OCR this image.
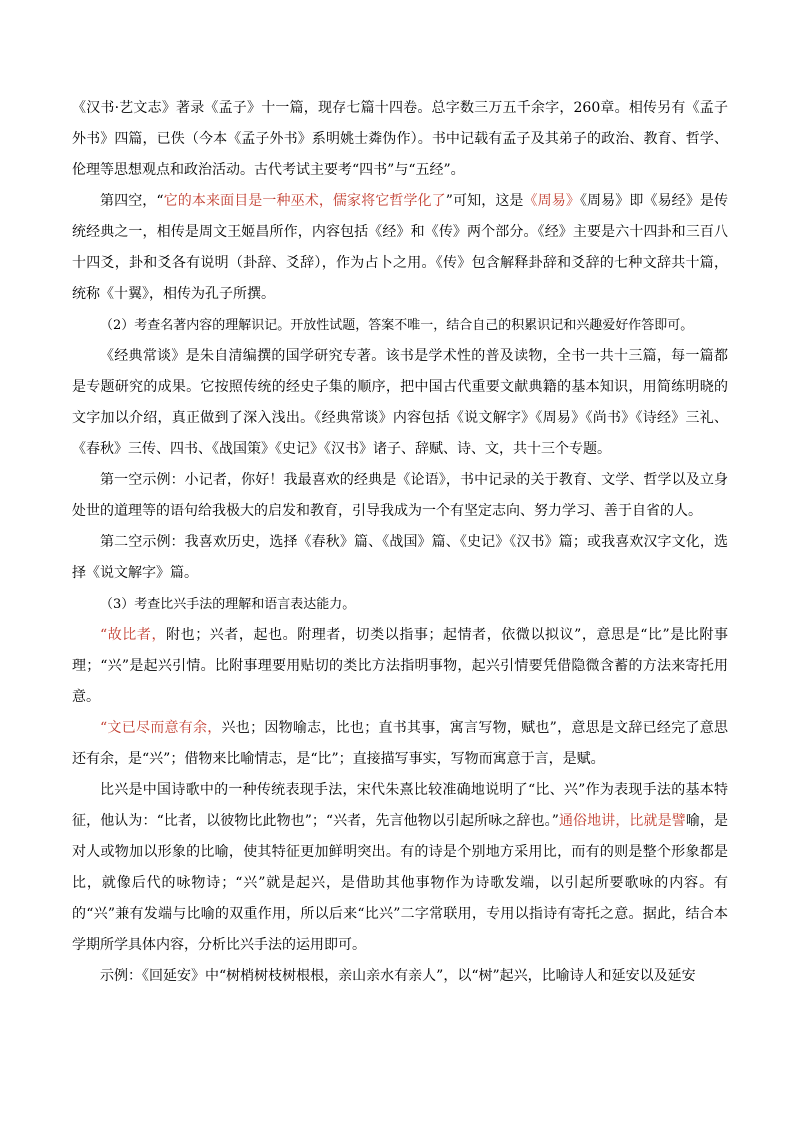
《汉书·艺文志》著录《孟子》十一篇，现存七篇十四卷。总字数三万五千余字，260章。相传另有《孟子外书》四篇，已佚（今本《孟子外书》系明姚士粦伪作）。书中记载有孟子及其弟子的政治、教育、哲学、伦理等思想观点和政治活动。古代考试主要考“四书”与“五经”。

第四空，“它的本来面目是一种巫术，儒家将它哲学化了”可知，这是《周易》《周易》即《易经》是传统经典之一，相传是周文王姬昌所作，内容包括《经》和《传》两个部分。《经》主要是六十四卦和三百八十四爻，卦和爻各有说明（卦辞、爻辞），作为占卜之用。《传》包含解释卦辞和爻辞的七种文辞共十篇，统称《十翼》，相传为孔子所撰。

（2）考查名著内容的理解识记。开放性试题，答案不唯一，结合自己的积累识记和兴趣爱好作答即可。

《经典常谈》是朱自清编撰的国学研究专著。该书是学术性的普及读物，全书一共十三篇，每一篇都是专题研究的成果。它按照传统的经史子集的顺序，把中国古代重要文献典籍的基本知识，用简练明晓的文字加以介绍，真正做到了深入浅出。《经典常谈》内容包括《说文解字》《周易》《尚书》《诗经》三礼、《春秋》三传、四书、《战国策》《史记》《汉书》诸子、辞赋、诗、文，共十三个专题。

第一空示例：小记者，你好！我最喜欢的经典是《论语》，书中记录的关于教育、文学、哲学以及立身处世的道理等的语句给我极大的启发和教育，引导我成为一个有坚定志向、努力学习、善于自省的人。

第二空示例：我喜欢历史，选择《春秋》篇、《战国》篇、《史记》《汉书》篇；或我喜欢汉字文化，选择《说文解字》篇。

（3）考查比兴手法的理解和语言表达能力。

“故比者，附也；兴者，起也。附理者，切类以指事；起情者，依微以拟议”，意思是“比”是比附事理；“兴”是起兴引情。比附事理要用贴切的类比方法指明事物，起兴引情要凭借隐微含蓄的方法来寄托用意。

“文已尽而意有余，兴也；因物喻志，比也；直书其事，寓言写物，赋也”，意思是文辞已经完了意思还有余，是“兴”；借物来比喻情志，是“比”；直接描写事实，写物而寓意于言，是赋。

比兴是中国诗歌中的一种传统表现手法，宋代朱熹比较准确地说明了“比、兴”作为表现手法的基本特征，他认为：“比者，以彼物比此物也”；“兴者，先言他物以引起所咏之辞也。”通俗地讲，比就是譬喻，是对人或物加以形象的比喻，使其特征更加鲜明突出。有的诗是个别地方采用比，而有的则是整个形象都是比，就像后代的咏物诗；“兴”就是起兴，是借助其他事物作为诗歌发端，以引起所要歌咏的内容。有的“兴”兼有发端与比喻的双重作用，所以后来“比兴”二字常联用，专用以指诗有寄托之意。据此，结合本学期所学具体内容，分析比兴手法的运用即可。

示例：《回延安》中“树梢树枝树根根，亲山亲水有亲人”，以“树”起兴，比喻诗人和延安以及延安
